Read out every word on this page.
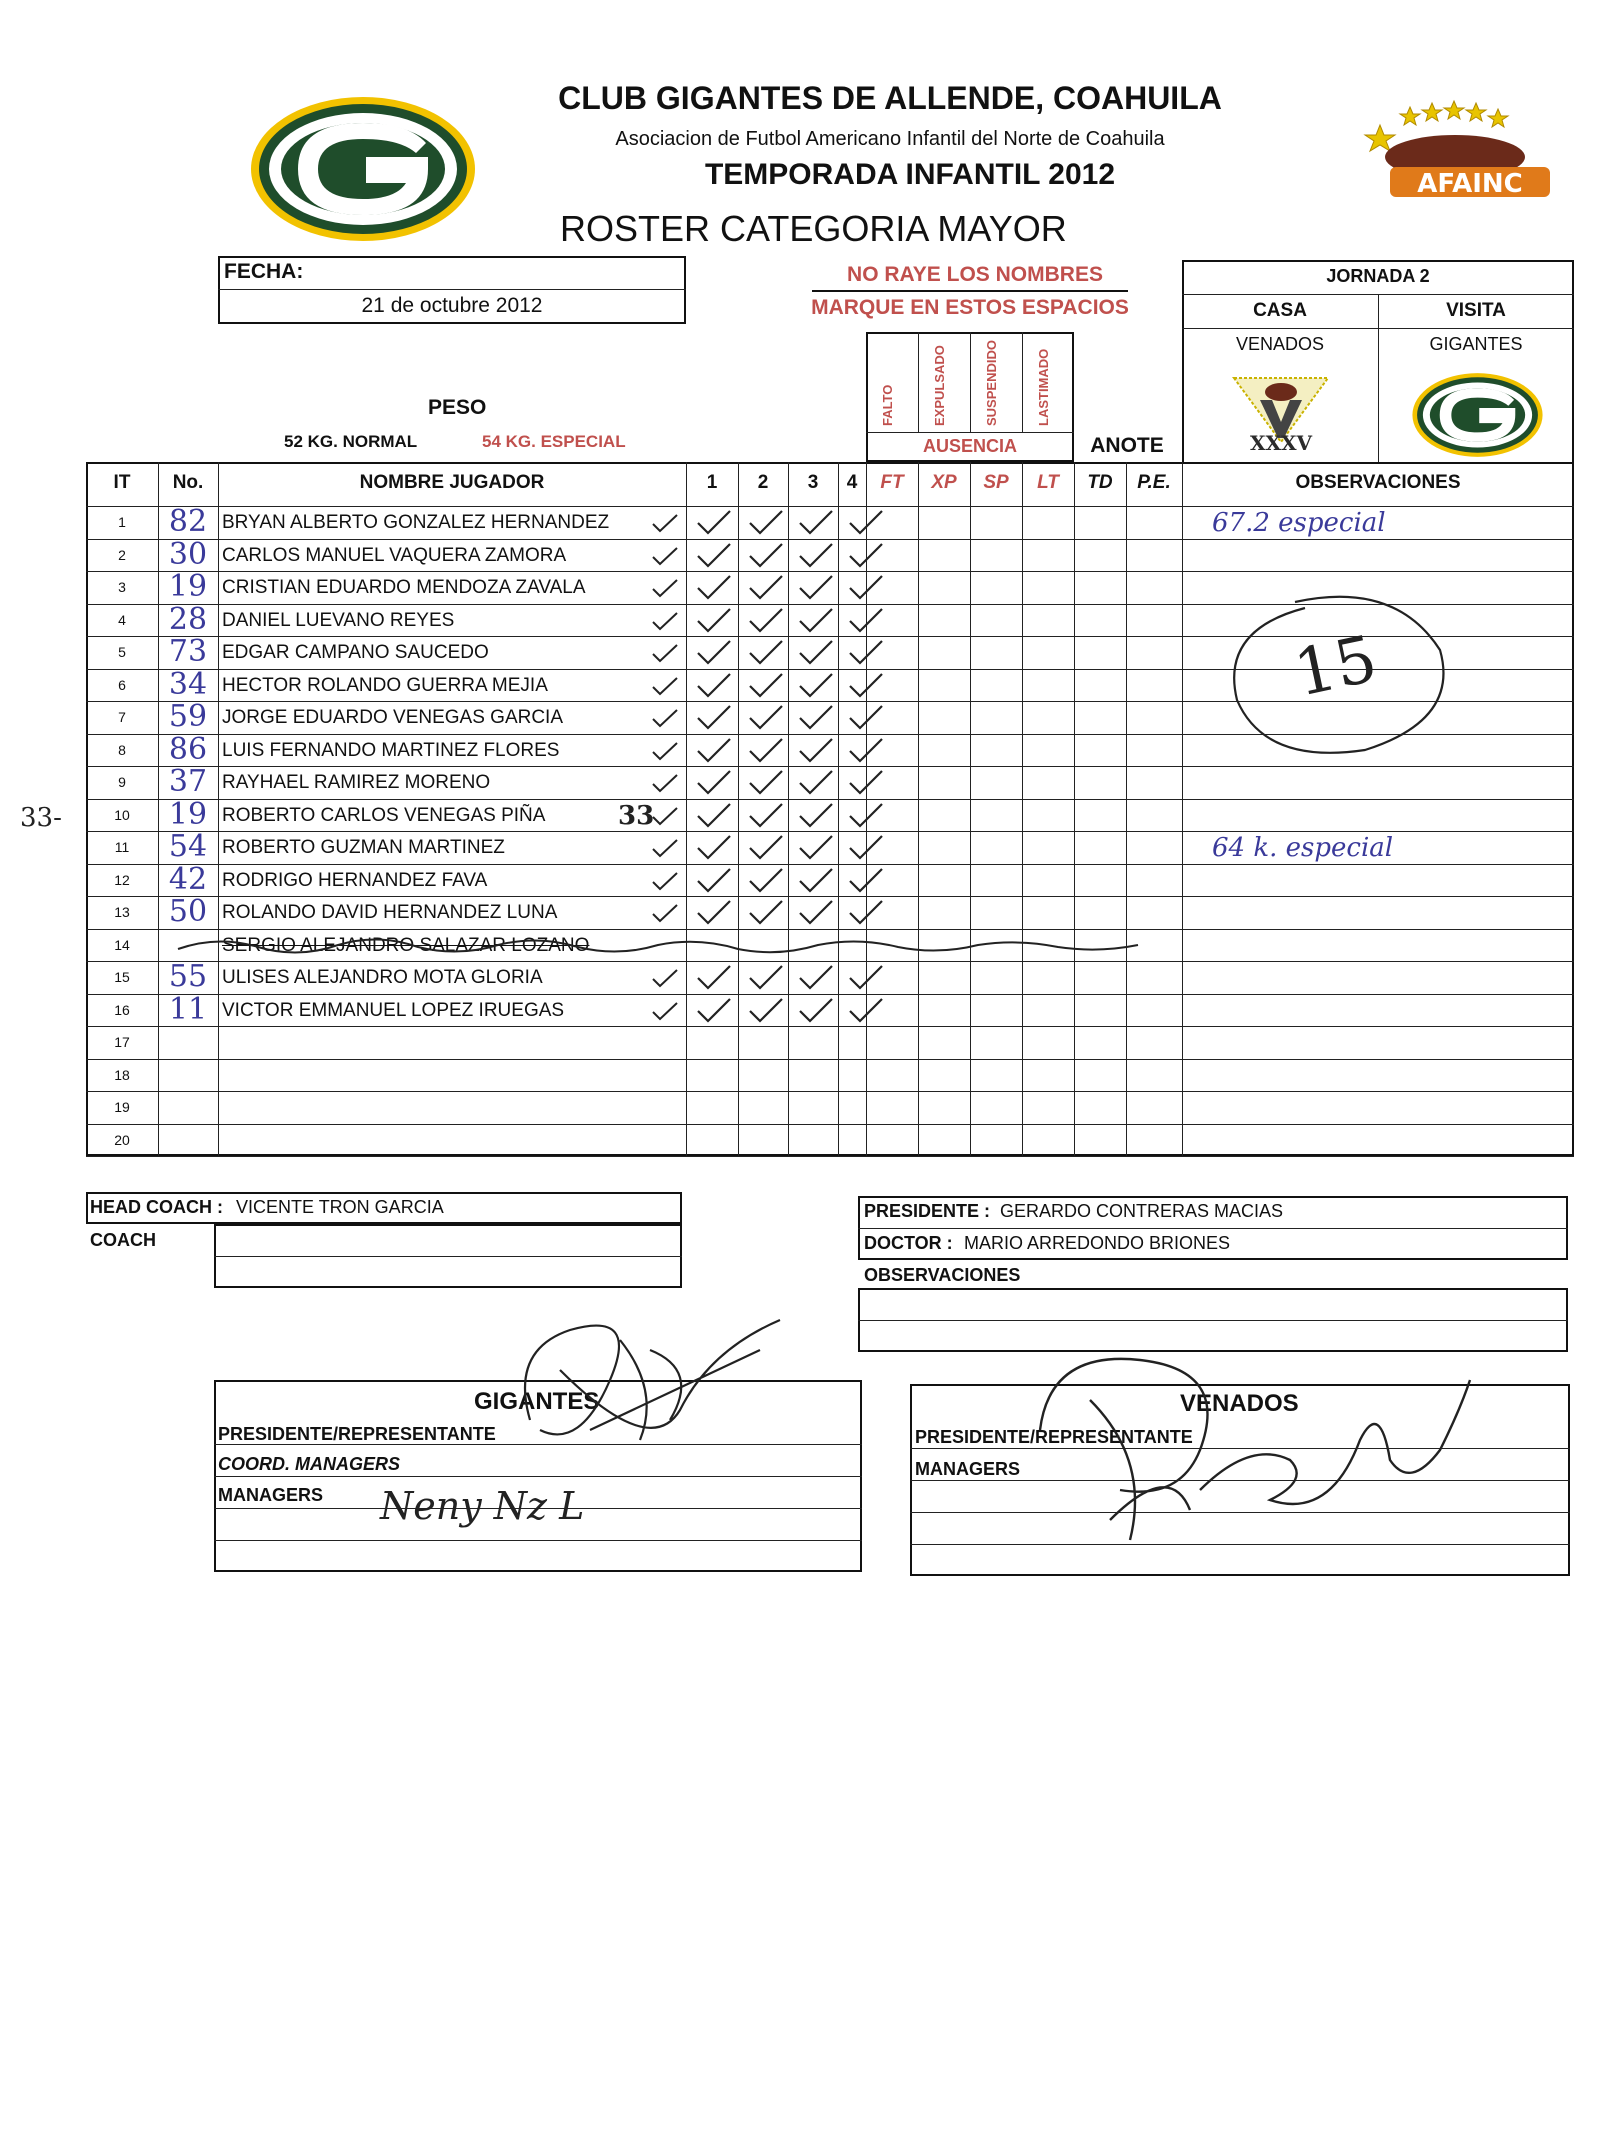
CLUB GIGANTES DE ALLENDE, COAHUILA
Asociacion de Futbol Americano Infantil del Norte de Coahuila
TEMPORADA INFANTIL 2012
ROSTER CATEGORIA MAYOR
AFAINC
FECHA:
21 de octubre 2012
NO RAYE LOS NOMBRES
MARQUE EN ESTOS ESPACIOS
PESO
52 KG. NORMAL	54 KG. ESPECIAL
FALTO	EXPULSADO	SUSPENDIDO	LASTIMADO
AUSENCIA	ANOTE
JORNADA 2
CASA	VISITA
VENADOS	GIGANTES
XXXV
IT	No.	NOMBRE JUGADOR	1	2	3	4	FT	XP	SP	LT	TD	P.E.	OBSERVACIONES
1	82 BRYAN ALBERTO GONZALEZ HERNANDEZ	67.2 especial
2	30 CARLOS MANUEL VAQUERA ZAMORA
3	19 CRISTIAN EDUARDO MENDOZA ZAVALA
4	28 DANIEL LUEVANO REYES
5	73 EDGAR CAMPANO SAUCEDO
6	34 HECTOR ROLANDO GUERRA MEJIA
7	59 JORGE EDUARDO VENEGAS GARCIA
8	86 LUIS FERNANDO MARTINEZ FLORES
9	37 RAYHAEL RAMIREZ MORENO
10	19 ROBERTO CARLOS VENEGAS PIÑA
33-	33
11	54 ROBERTO GUZMAN MARTINEZ	64 k. especial
12	42 RODRIGO HERNANDEZ FAVA
13	50 ROLANDO DAVID HERNANDEZ LUNA
14	SERGIO ALEJANDRO SALAZAR LOZANO
15	55 ULISES ALEJANDRO MOTA GLORIA
16	11 VICTOR EMMANUEL LOPEZ IRUEGAS
17
18
19
20
15
HEAD COACH : VICENTE TRON GARCIA
COACH
PRESIDENTE : GERARDO CONTRERAS MACIAS
DOCTOR : MARIO ARREDONDO BRIONES
OBSERVACIONES
GIGANTES
PRESIDENTE/REPRESENTANTE
COORD. MANAGERS
MANAGERS Neny Nz L
VENADOS
PRESIDENTE/REPRESENTANTE
MANAGERS
